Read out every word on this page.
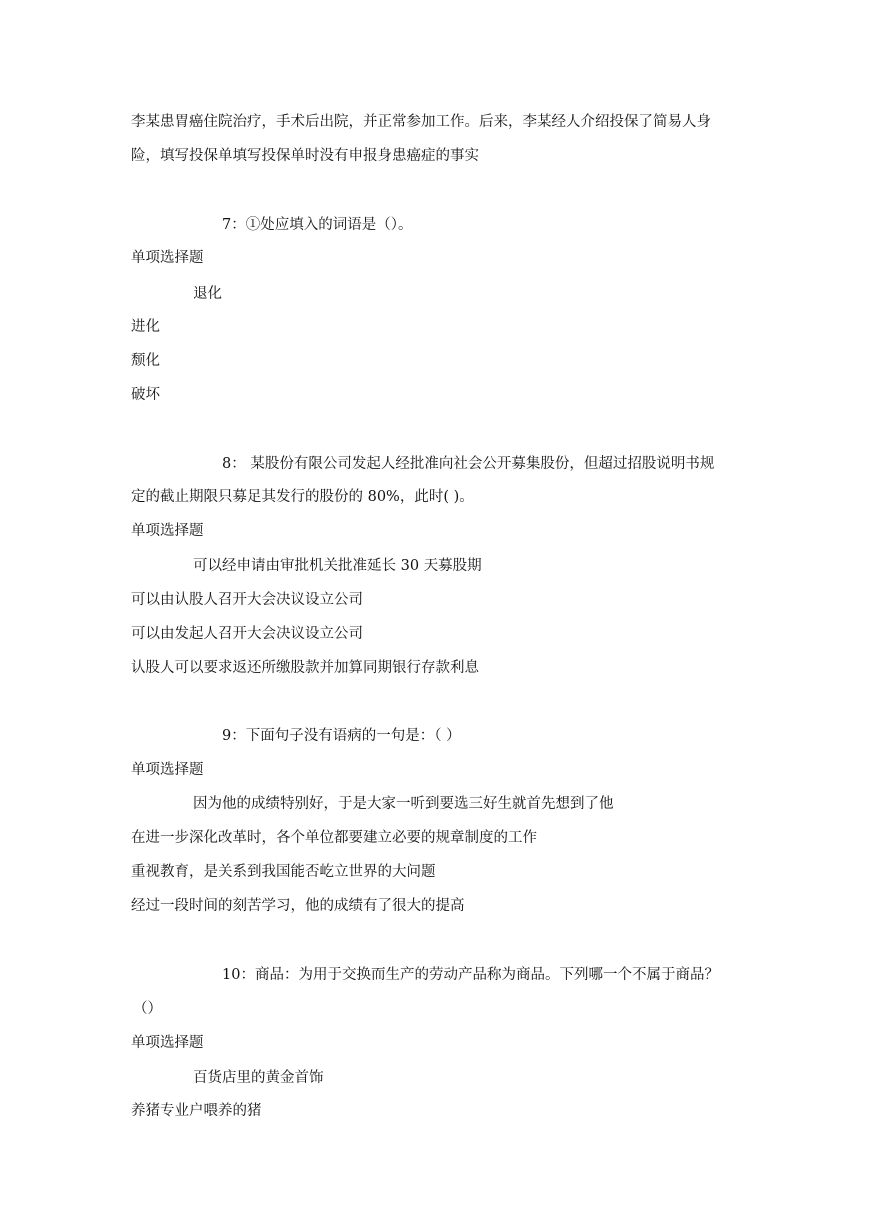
李某患胃癌住院治疗，手术后出院，并正常参加工作。后来，李某经人介绍投保了简易人身
险，填写投保单填写投保单时没有申报身患癌症的事实
7：①处应填入的词语是（）。
单项选择题
退化
进化
颓化
破坏
8： 某股份有限公司发起人经批准向社会公开募集股份，但超过招股说明书规
定的截止期限只募足其发行的股份的 80%，此时( )。
单项选择题
可以经申请由审批机关批准延长 30 天募股期
可以由认股人召开大会决议设立公司
可以由发起人召开大会决议设立公司
认股人可以要求返还所缴股款并加算同期银行存款利息
9：下面句子没有语病的一句是：（ ）
单项选择题
因为他的成绩特别好，于是大家一听到要选三好生就首先想到了他
在进一步深化改革时，各个单位都要建立必要的规章制度的工作
重视教育，是关系到我国能否屹立世界的大问题
经过一段时间的刻苦学习，他的成绩有了很大的提高
10：商品：为用于交换而生产的劳动产品称为商品。下列哪一个不属于商品？
（）
单项选择题
百货店里的黄金首饰
养猪专业户喂养的猪
